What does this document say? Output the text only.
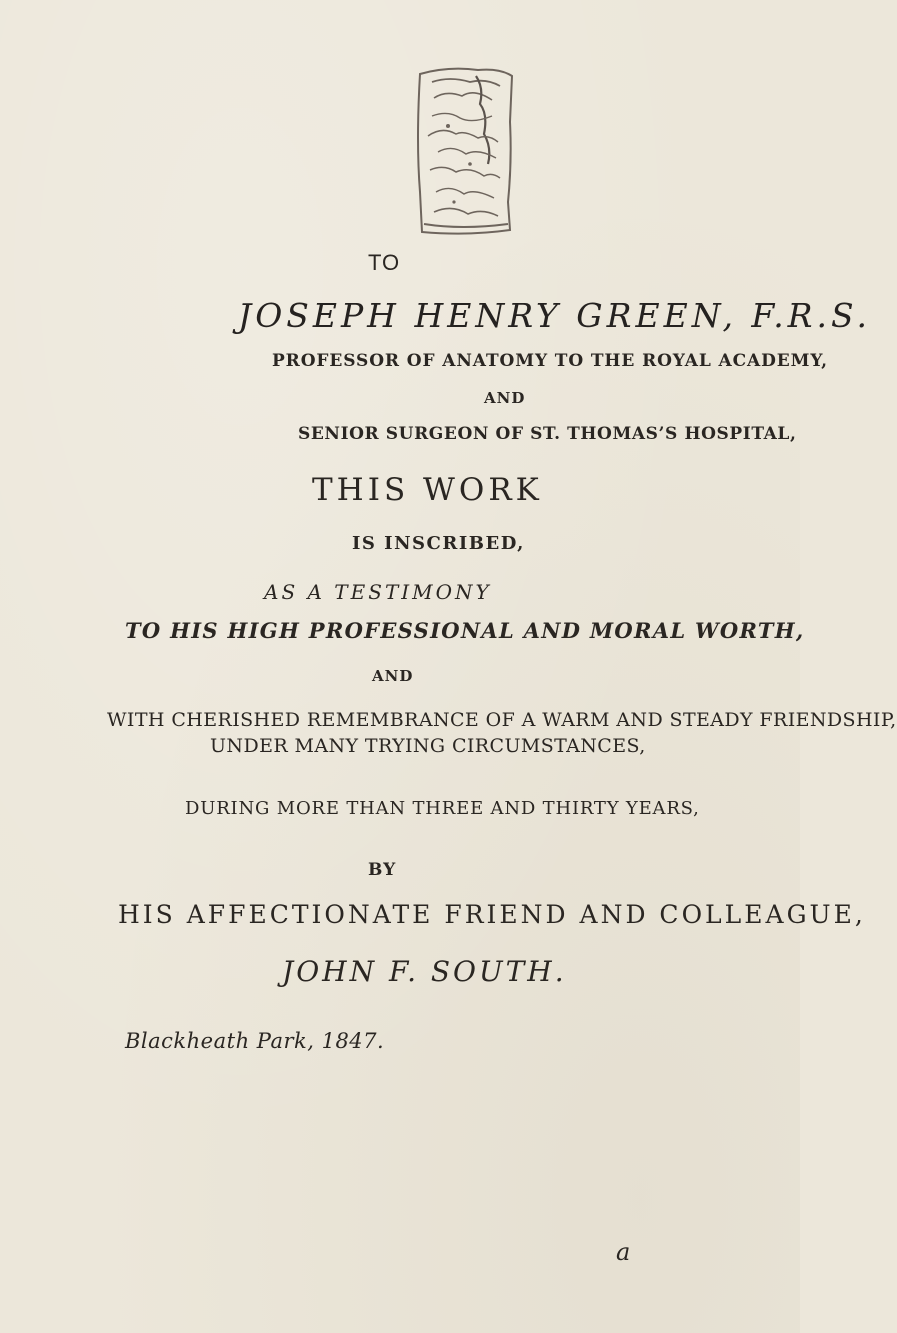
TO

JOSEPH HENRY GREEN, F.R.S.

PROFESSOR OF ANATOMY TO THE ROYAL ACADEMY,

AND

SENIOR SURGEON OF ST. THOMAS’S HOSPITAL,

THIS WORK

IS INSCRIBED,

AS A TESTIMONY

TO HIS HIGH PROFESSIONAL AND MORAL WORTH,

AND

WITH CHERISHED REMEMBRANCE OF A WARM AND STEADY FRIENDSHIP,

UNDER MANY TRYING CIRCUMSTANCES,

DURING MORE THAN THREE AND THIRTY YEARS,

BY

HIS AFFECTIONATE FRIEND AND COLLEAGUE,

JOHN F. SOUTH.

Blackheath Park, 1847.

a
